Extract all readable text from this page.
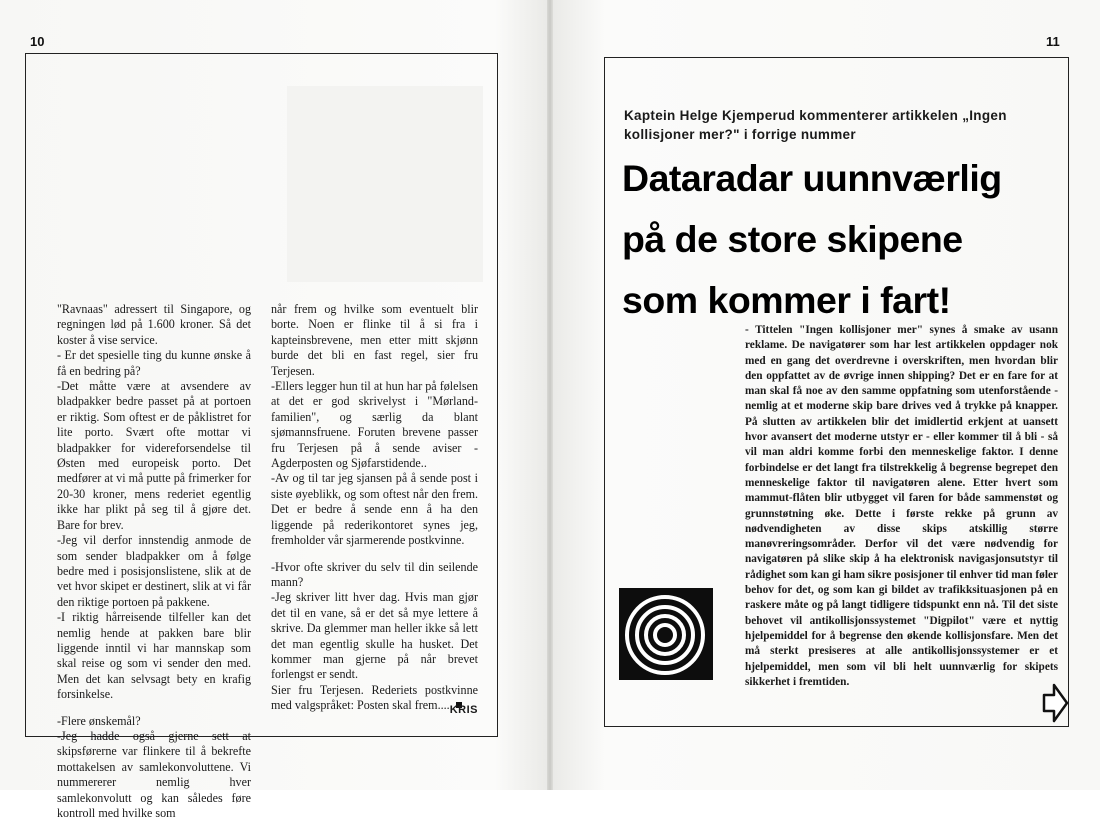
10

"Ravnaas" adressert til Singapore, og regningen lød på 1.600 kroner. Så det koster å vise service.

- Er det spesielle ting du kunne ønske å få en bedring på?

-Det måtte være at avsendere av bladpakker bedre passet på at portoen er riktig. Som oftest er de påklistret for lite porto. Svært ofte mottar vi bladpakker for videreforsendelse til Østen med europeisk porto. Det medfører at vi må putte på frimerker for 20-30 kroner, mens rederiet egentlig ikke har plikt på seg til å gjøre det. Bare for brev.

-Jeg vil derfor innstendig anmode de som sender bladpakker om å følge bedre med i posisjonslistene, slik at de vet hvor skipet er destinert, slik at vi får den riktige portoen på pakkene.

-I riktig hårreisende tilfeller kan det nemlig hende at pakken bare blir liggende inntil vi har mannskap som skal reise og som vi sender den med. Men det kan selvsagt bety en krafig forsinkelse.

-Flere ønskemål?

-Jeg hadde også gjerne sett at skipsførerne var flinkere til å bekrefte mottakelsen av samlekonvoluttene. Vi nummererer nemlig hver samlekonvolutt og kan således føre kontroll med hvilke som

når frem og hvilke som eventuelt blir borte. Noen er flinke til å si fra i kapteinsbrevene, men etter mitt skjønn burde det bli en fast regel, sier fru Terjesen.

-Ellers legger hun til at hun har på følelsen at det er god skrivelyst i "Mørland-familien", og særlig da blant sjømannsfruene. Foruten brevene passer fru Terjesen på å sende aviser - Agderposten og Sjøfarstidende..

-Av og til tar jeg sjansen på å sende post i siste øyeblikk, og som oftest når den frem. Det er bedre å sende enn å ha den liggende på rederikontoret synes jeg, fremholder vår sjarmerende postkvinne.

-Hvor ofte skriver du selv til din seilende mann?

-Jeg skriver litt hver dag. Hvis man gjør det til en vane, så er det så mye lettere å skrive. Da glemmer man heller ikke så lett det man egentlig skulle ha husket. Det kommer man gjerne på når brevet forlengst er sendt.

Sier fru Terjesen. Rederiets postkvinne med valgspråket: Posten skal frem.....

KRIS
11
Kaptein Helge Kjemperud kommenterer artikkelen „Ingen kollisjoner mer?" i forrige nummer
Dataradar uunnværlig
på de store skipene
som kommer i fart!
- Tittelen "Ingen kollisjoner mer" synes å smake av usann reklame. De navigatører som har lest artikkelen oppdager nok med en gang det overdrevne i overskriften, men hvordan blir den oppfattet av de øvrige innen shipping? Det er en fare for at man skal få noe av den samme oppfatning som utenforstående - nemlig at et moderne skip bare drives ved å trykke på knapper. På slutten av artikkelen blir det imidlertid erkjent at uansett hvor avansert det moderne utstyr er - eller kommer til å bli - så vil man aldri komme forbi den menneskelige faktor. I denne forbindelse er det langt fra tilstrekkelig å begrense begrepet den menneskelige faktor til navigatøren alene. Etter hvert som mammut-flåten blir utbygget vil faren for både sammenstøt og grunnstøtning øke. Dette i første rekke på grunn av nødvendigheten av disse skips atskillig større manøvreringsområder. Derfor vil det være nødvendig for navigatøren på slike skip å ha elektronisk navigasjonsutstyr til rådighet som kan gi ham sikre posisjoner til enhver tid man føler behov for det, og som kan gi bildet av trafikksituasjonen på en raskere måte og på langt tidligere tidspunkt enn nå. Til det siste behovet vil antikollisjonssystemet "Digpilot" være et nyttig hjelpemiddel for å begrense den økende kollisjonsfare. Men det må sterkt presiseres at alle antikollisjonssystemer er et hjelpemiddel, men som vil bli helt uunnværlig for skipets sikkerhet i fremtiden.
